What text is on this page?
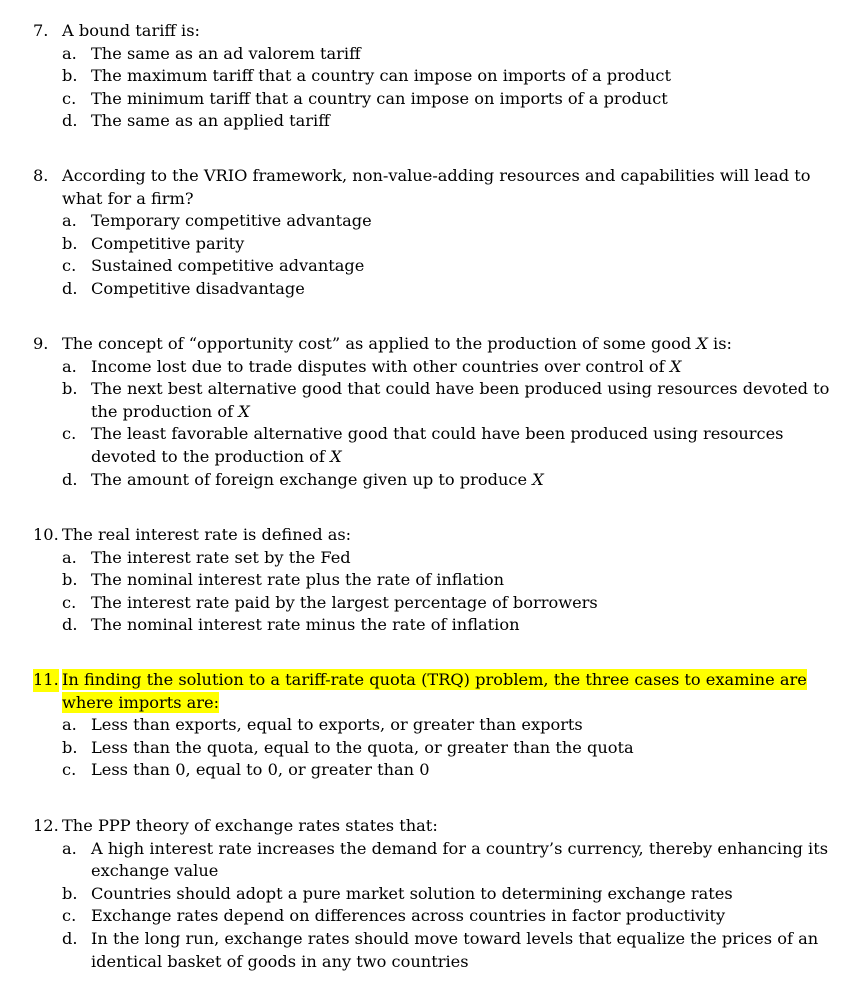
7. A bound tariff is:
a. The same as an ad valorem tariff
b. The maximum tariff that a country can impose on imports of a product
c. The minimum tariff that a country can impose on imports of a product
d. The same as an applied tariff
8. According to the VRIO framework, non-value-adding resources and capabilities will lead to what for a firm?
a. Temporary competitive advantage
b. Competitive parity
c. Sustained competitive advantage
d. Competitive disadvantage
9. The concept of “opportunity cost” as applied to the production of some good X is:
a. Income lost due to trade disputes with other countries over control of X
b. The next best alternative good that could have been produced using resources devoted to the production of X
c. The least favorable alternative good that could have been produced using resources devoted to the production of X
d. The amount of foreign exchange given up to produce X
10. The real interest rate is defined as:
a. The interest rate set by the Fed
b. The nominal interest rate plus the rate of inflation
c. The interest rate paid by the largest percentage of borrowers
d. The nominal interest rate minus the rate of inflation
11. In finding the solution to a tariff-rate quota (TRQ) problem, the three cases to examine are where imports are:
a. Less than exports, equal to exports, or greater than exports
b. Less than the quota, equal to the quota, or greater than the quota
c. Less than 0, equal to 0, or greater than 0
12. The PPP theory of exchange rates states that:
a. A high interest rate increases the demand for a country’s currency, thereby enhancing its exchange value
b. Countries should adopt a pure market solution to determining exchange rates
c. Exchange rates depend on differences across countries in factor productivity
d. In the long run, exchange rates should move toward levels that equalize the prices of an identical basket of goods in any two countries
